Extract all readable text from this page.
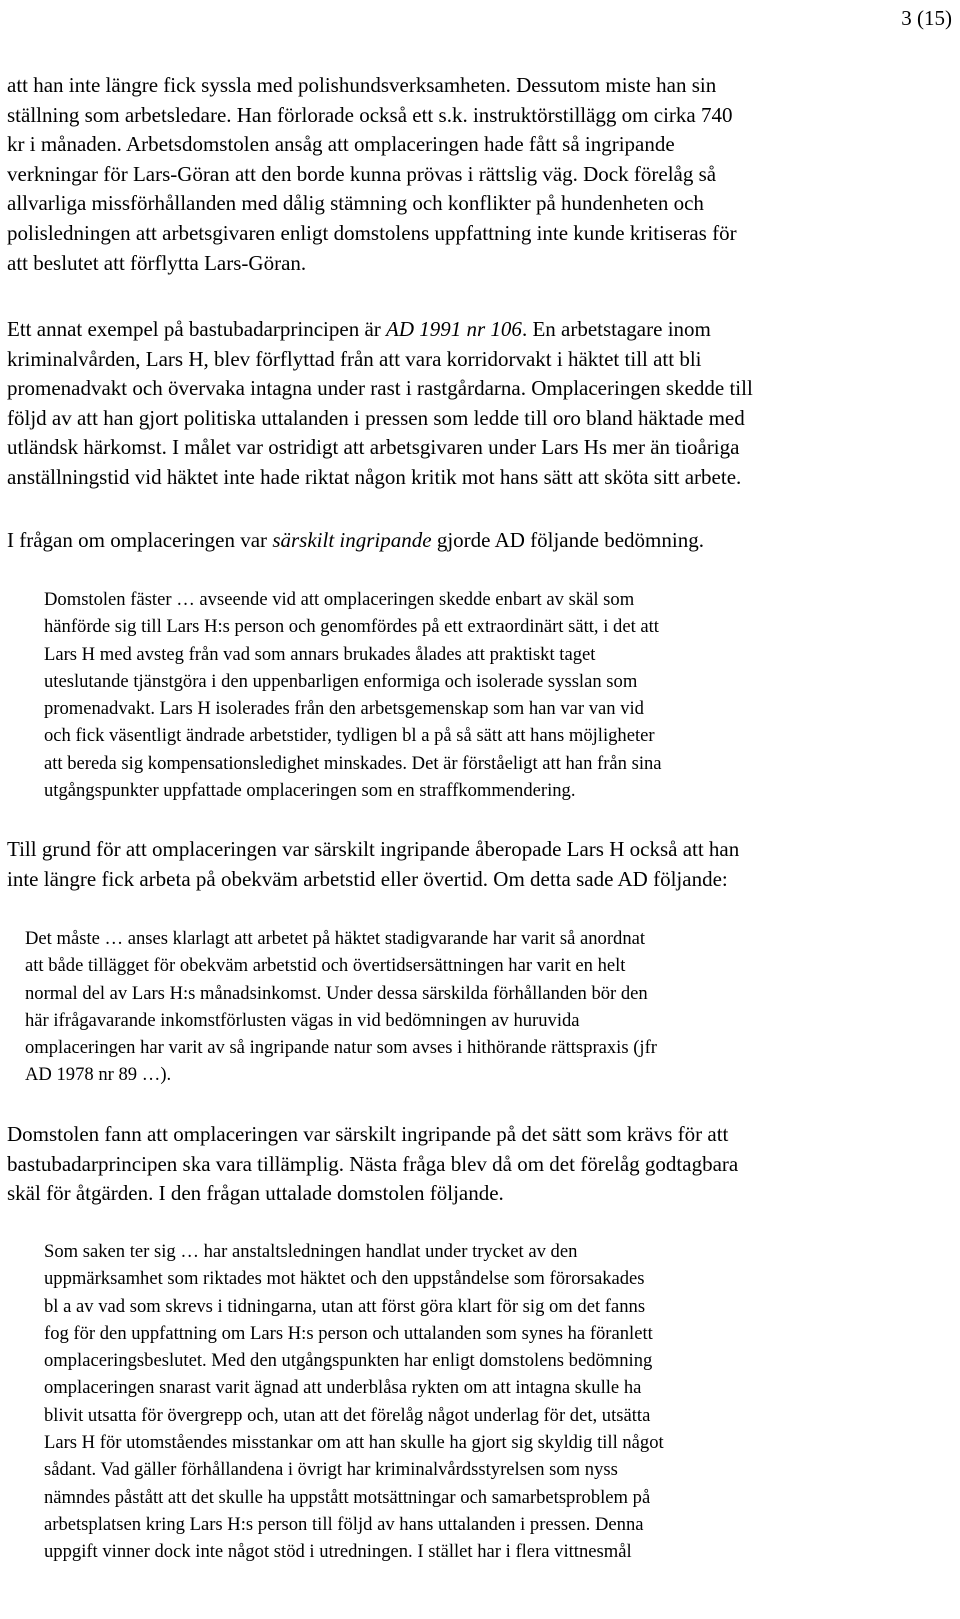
3 (15)

att han inte längre fick syssla med polishundsverksamheten. Dessutom miste han sin
ställning som arbetsledare. Han förlorade också ett s.k. instruktörstillägg om cirka 740
kr i månaden. Arbetsdomstolen ansåg att omplaceringen hade fått så ingripande
verkningar för Lars-Göran att den borde kunna prövas i rättslig väg. Dock förelåg så
allvarliga missförhållanden med dålig stämning och konflikter på hundenheten och
polisledningen att arbetsgivaren enligt domstolens uppfattning inte kunde kritiseras för
att beslutet att förflytta Lars-Göran.

Ett annat exempel på bastubadarprincipen är AD 1991 nr 106. En arbetstagare inom
kriminalvården, Lars H, blev förflyttad från att vara korridorvakt i häktet till att bli
promenadvakt och övervaka intagna under rast i rastgårdarna. Omplaceringen skedde till
följd av att han gjort politiska uttalanden i pressen som ledde till oro bland häktade med
utländsk härkomst. I målet var ostridigt att arbetsgivaren under Lars Hs mer än tioåriga
anställningstid vid häktet inte hade riktat någon kritik mot hans sätt att sköta sitt arbete.

I frågan om omplaceringen var särskilt ingripande gjorde AD följande bedömning.

Domstolen fäster … avseende vid att omplaceringen skedde enbart av skäl som
hänförde sig till Lars H:s person och genomfördes på ett extraordinärt sätt, i det att
Lars H med avsteg från vad som annars brukades ålades att praktiskt taget
uteslutande tjänstgöra i den uppenbarligen enformiga och isolerade sysslan som
promenadvakt. Lars H isolerades från den arbetsgemenskap som han var van vid
och fick väsentligt ändrade arbetstider, tydligen bl a på så sätt att hans möjligheter
att bereda sig kompensationsledighet minskades. Det är förståeligt att han från sina
utgångspunkter uppfattade omplaceringen som en straffkommendering.

Till grund för att omplaceringen var särskilt ingripande åberopade Lars H också att han
inte längre fick arbeta på obekväm arbetstid eller övertid. Om detta sade AD följande:

Det måste … anses klarlagt att arbetet på häktet stadigvarande har varit så anordnat
att både tillägget för obekväm arbetstid och övertidsersättningen har varit en helt
normal del av Lars H:s månadsinkomst. Under dessa särskilda förhållanden bör den
här ifrågavarande inkomstförlusten vägas in vid bedömningen av huruvida
omplaceringen har varit av så ingripande natur som avses i hithörande rättspraxis (jfr
AD 1978 nr 89 …).

Domstolen fann att omplaceringen var särskilt ingripande på det sätt som krävs för att
bastubadarprincipen ska vara tillämplig. Nästa fråga blev då om det förelåg godtagbara
skäl för åtgärden. I den frågan uttalade domstolen följande.

Som saken ter sig … har anstaltsledningen handlat under trycket av den
uppmärksamhet som riktades mot häktet och den uppståndelse som förorsakades
bl a av vad som skrevs i tidningarna, utan att först göra klart för sig om det fanns
fog för den uppfattning om Lars H:s person och uttalanden som synes ha föranlett
omplaceringsbeslutet. Med den utgångspunkten har enligt domstolens bedömning
omplaceringen snarast varit ägnad att underblåsa rykten om att intagna skulle ha
blivit utsatta för övergrepp och, utan att det förelåg något underlag för det, utsätta
Lars H för utomståendes misstankar om att han skulle ha gjort sig skyldig till något
sådant. Vad gäller förhållandena i övrigt har kriminalvårdsstyrelsen som nyss
nämndes påstått att det skulle ha uppstått motsättningar och samarbetsproblem på
arbetsplatsen kring Lars H:s person till följd av hans uttalanden i pressen. Denna
uppgift vinner dock inte något stöd i utredningen. I stället har i flera vittnesmål
